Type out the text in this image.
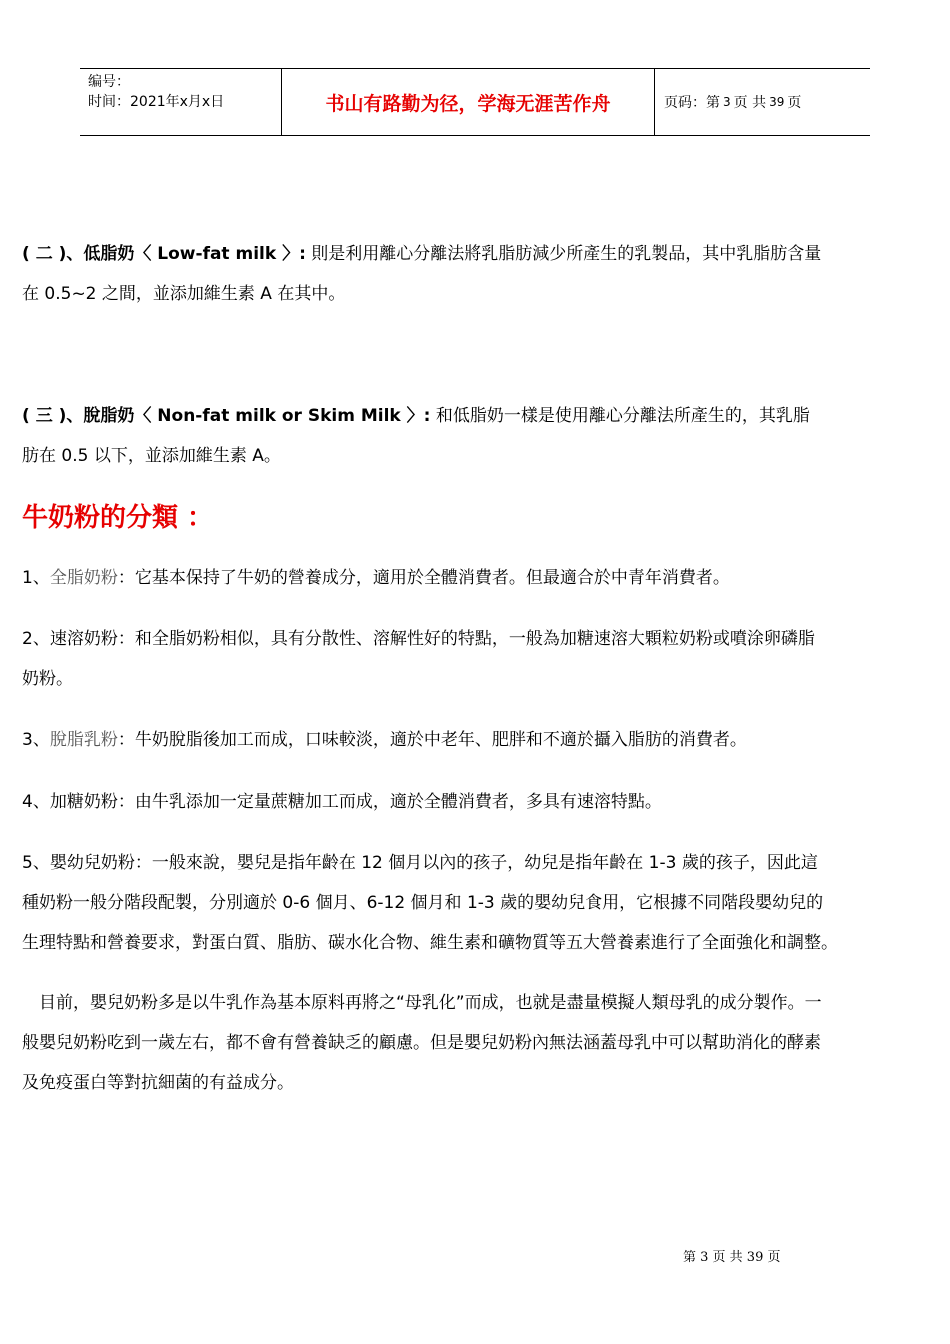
编号：
时间：2021年x月x日	书山有路勤为径，学海无涯苦作舟	页码：第 3 页 共 39 页

( 二 )、低脂奶〈 Low-fat milk 〉: 則是利用離心分離法將乳脂肪減少所產生的乳製品，其中乳脂肪含量
在 0.5~2 之間，並添加維生素 A 在其中。

( 三 )、脫脂奶〈 Non-fat milk or Skim Milk 〉: 和低脂奶一樣是使用離心分離法所產生的，其乳脂
肪在 0.5 以下，並添加維生素 A。

牛奶粉的分類 ：

1、全脂奶粉：它基本保持了牛奶的營養成分，適用於全體消費者。但最適合於中青年消費者。

2、速溶奶粉：和全脂奶粉相似，具有分散性、溶解性好的特點，一般為加糖速溶大顆粒奶粉或噴涂卵磷脂
奶粉。

3、脫脂乳粉：牛奶脫脂後加工而成，口味較淡，適於中老年、肥胖和不適於攝入脂肪的消費者。

4、加糖奶粉：由牛乳添加一定量蔗糖加工而成，適於全體消費者，多具有速溶特點。

5、嬰幼兒奶粉：一般來說，嬰兒是指年齡在 12 個月以內的孩子，幼兒是指年齡在 1-3 歲的孩子，因此這
種奶粉一般分階段配製，分別適於 0-6 個月、6-12 個月和 1-3 歲的嬰幼兒食用，它根據不同階段嬰幼兒的
生理特點和營養要求，對蛋白質、脂肪、碳水化合物、維生素和礦物質等五大營養素進行了全面強化和調整。

　目前，嬰兒奶粉多是以牛乳作為基本原料再將之“母乳化”而成，也就是盡量模擬人類母乳的成分製作。一
般嬰兒奶粉吃到一歲左右，都不會有營養缺乏的顧慮。但是嬰兒奶粉內無法涵蓋母乳中可以幫助消化的酵素
及免疫蛋白等對抗細菌的有益成分。

第 3 页 共 39 页
